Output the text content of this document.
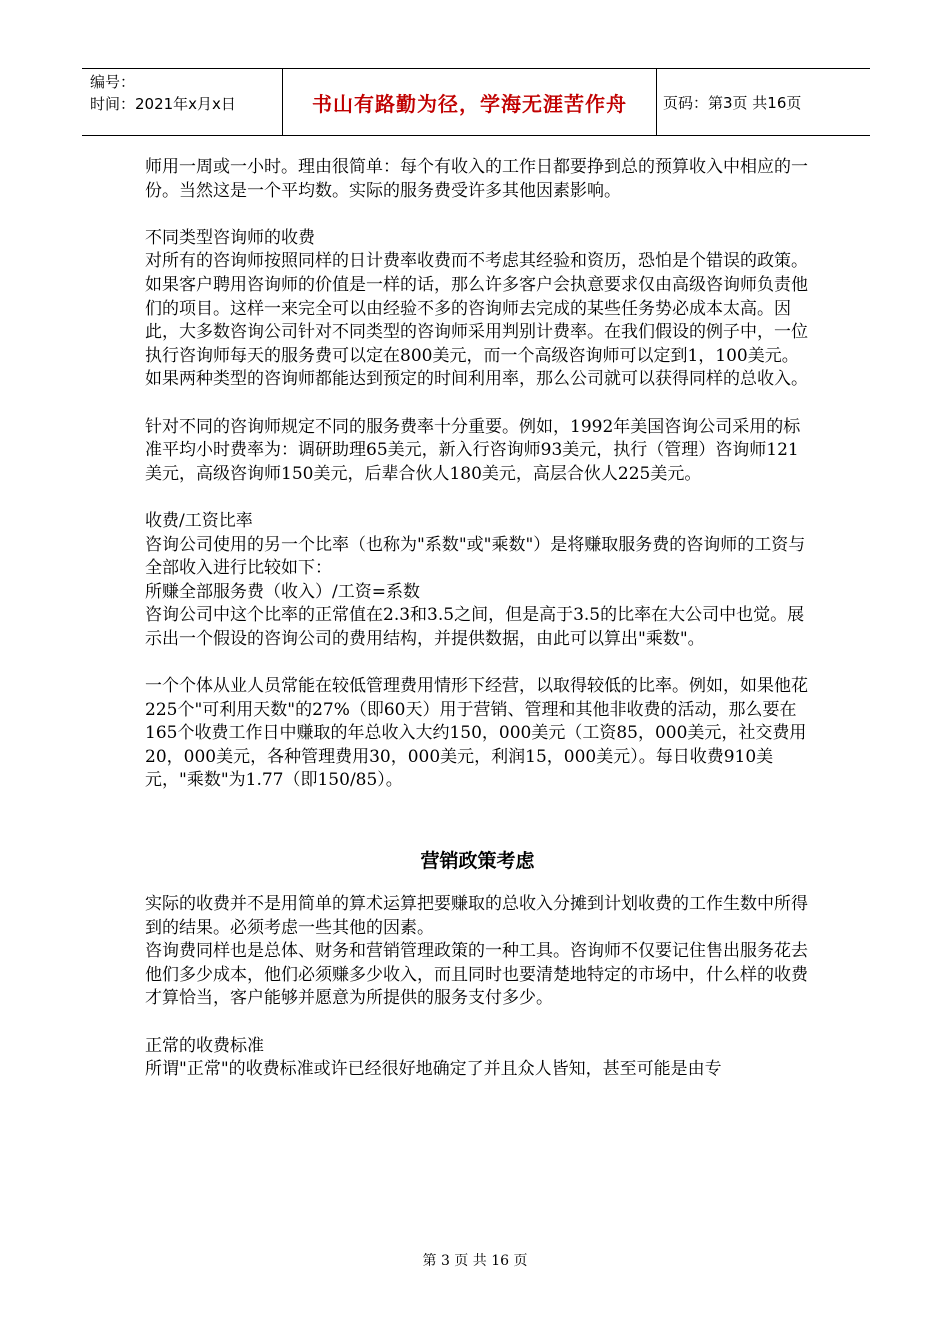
编号：
时间：2021年x月x日	书山有路勤为径，学海无涯苦作舟 页码：第3页 共16页

师用一周或一小时。理由很简单：每个有收入的工作日都要挣到总的预算收入中相应的一份。当然这是一个平均数。实际的服务费受许多其他因素影响。

不同类型咨询师的收费

对所有的咨询师按照同样的日计费率收费而不考虑其经验和资历，恐怕是个错误的政策。如果客户聘用咨询师的价值是一样的话，那么许多客户会执意要求仅由高级咨询师负责他们的项目。这样一来完全可以由经验不多的咨询师去完成的某些任务势必成本太高。因此，大多数咨询公司针对不同类型的咨询师采用判别计费率。在我们假设的例子中，一位执行咨询师每天的服务费可以定在800美元，而一个高级咨询师可以定到1，100美元。如果两种类型的咨询师都能达到预定的时间利用率，那么公司就可以获得同样的总收入。

针对不同的咨询师规定不同的服务费率十分重要。例如，1992年美国咨询公司采用的标准平均小时费率为：调研助理65美元，新入行咨询师93美元，执行（管理）咨询师121美元，高级咨询师150美元，后辈合伙人180美元，高层合伙人225美元。

收费/工资比率

咨询公司使用的另一个比率（也称为"系数"或"乘数"）是将赚取服务费的咨询师的工资与全部收入进行比较如下：

所赚全部服务费（收入）/工资=系数

咨询公司中这个比率的正常值在2.3和3.5之间，但是高于3.5的比率在大公司中也觉。展示出一个假设的咨询公司的费用结构，并提供数据，由此可以算出"乘数"。

一个个体从业人员常能在较低管理费用情形下经营，以取得较低的比率。例如，如果他花225个"可利用天数"的27%（即60天）用于营销、管理和其他非收费的活动，那么要在165个收费工作日中赚取的年总收入大约150，000美元（工资85，000美元，社交费用20，000美元，各种管理费用30，000美元，利润15，000美元）。每日收费910美元，"乘数"为1.77（即150/85）。

营销政策考虑

实际的收费并不是用简单的算术运算把要赚取的总收入分摊到计划收费的工作生数中所得到的结果。必须考虑一些其他的因素。

咨询费同样也是总体、财务和营销管理政策的一种工具。咨询师不仅要记住售出服务花去他们多少成本，他们必须赚多少收入，而且同时也要清楚地特定的市场中，什么样的收费才算恰当，客户能够并愿意为所提供的服务支付多少。

正常的收费标准

所谓"正常"的收费标准或许已经很好地确定了并且众人皆知，甚至可能是由专

第 3 页 共 16 页
